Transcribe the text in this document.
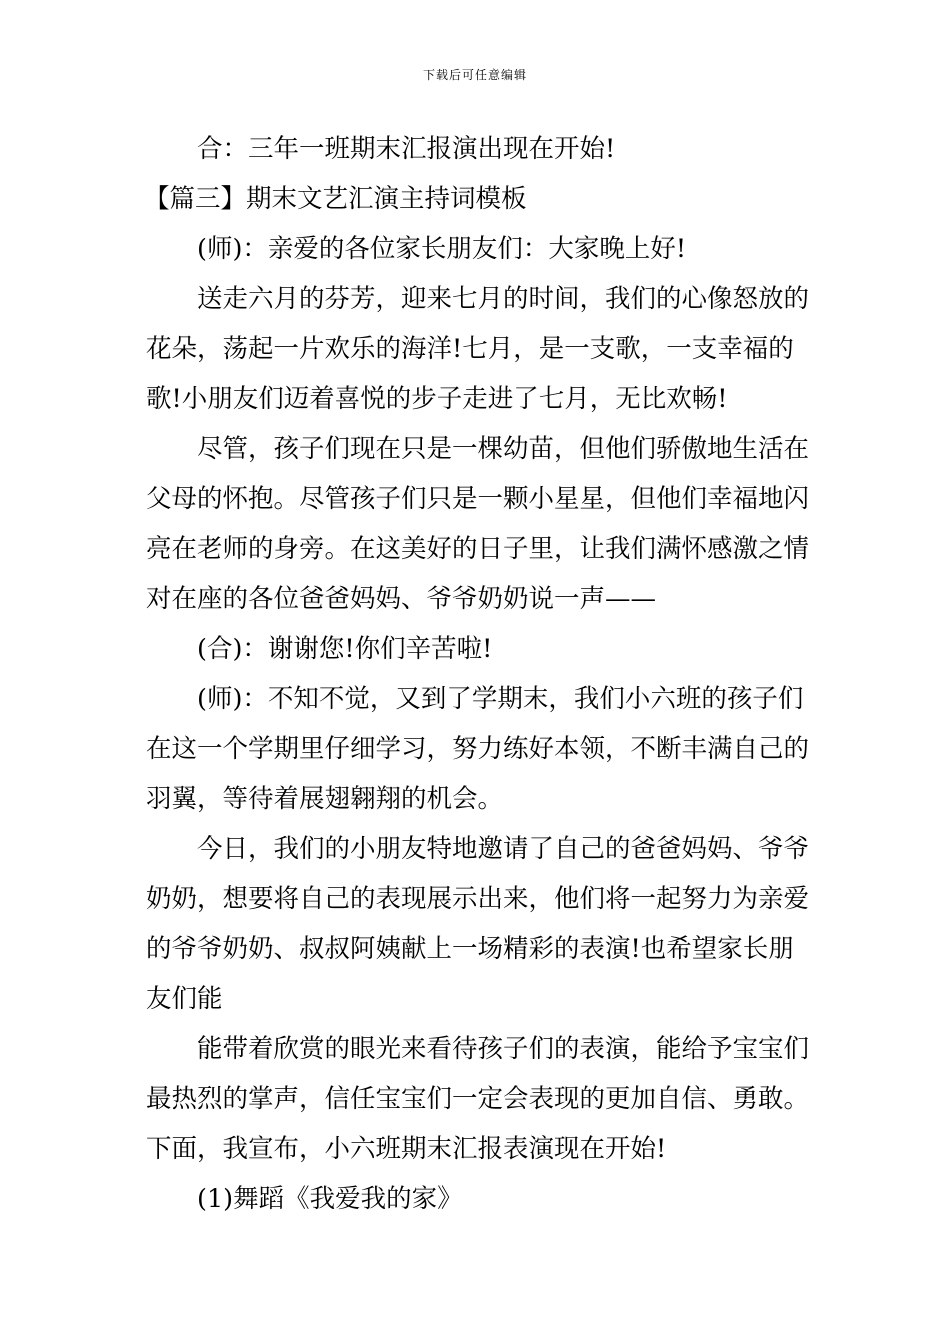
下载后可任意编辑

合：三年一班期末汇报演出现在开始!

【篇三】期末文艺汇演主持词模板

(师)：亲爱的各位家长朋友们：大家晚上好!

送走六月的芬芳，迎来七月的时间，我们的心像怒放的花朵，荡起一片欢乐的海洋!七月，是一支歌，一支幸福的歌!小朋友们迈着喜悦的步子走进了七月，无比欢畅!

尽管，孩子们现在只是一棵幼苗，但他们骄傲地生活在父母的怀抱。尽管孩子们只是一颗小星星，但他们幸福地闪亮在老师的身旁。在这美好的日子里，让我们满怀感激之情对在座的各位爸爸妈妈、爷爷奶奶说一声——

(合)：谢谢您!你们辛苦啦!

(师)：不知不觉，又到了学期末，我们小六班的孩子们在这一个学期里仔细学习，努力练好本领，不断丰满自己的羽翼，等待着展翅翱翔的机会。

今日，我们的小朋友特地邀请了自己的爸爸妈妈、爷爷奶奶，想要将自己的表现展示出来，他们将一起努力为亲爱的爷爷奶奶、叔叔阿姨献上一场精彩的表演!也希望家长朋友们能

能带着欣赏的眼光来看待孩子们的表演，能给予宝宝们最热烈的掌声，信任宝宝们一定会表现的更加自信、勇敢。下面，我宣布，小六班期末汇报表演现在开始!

(1)舞蹈《我爱我的家》
